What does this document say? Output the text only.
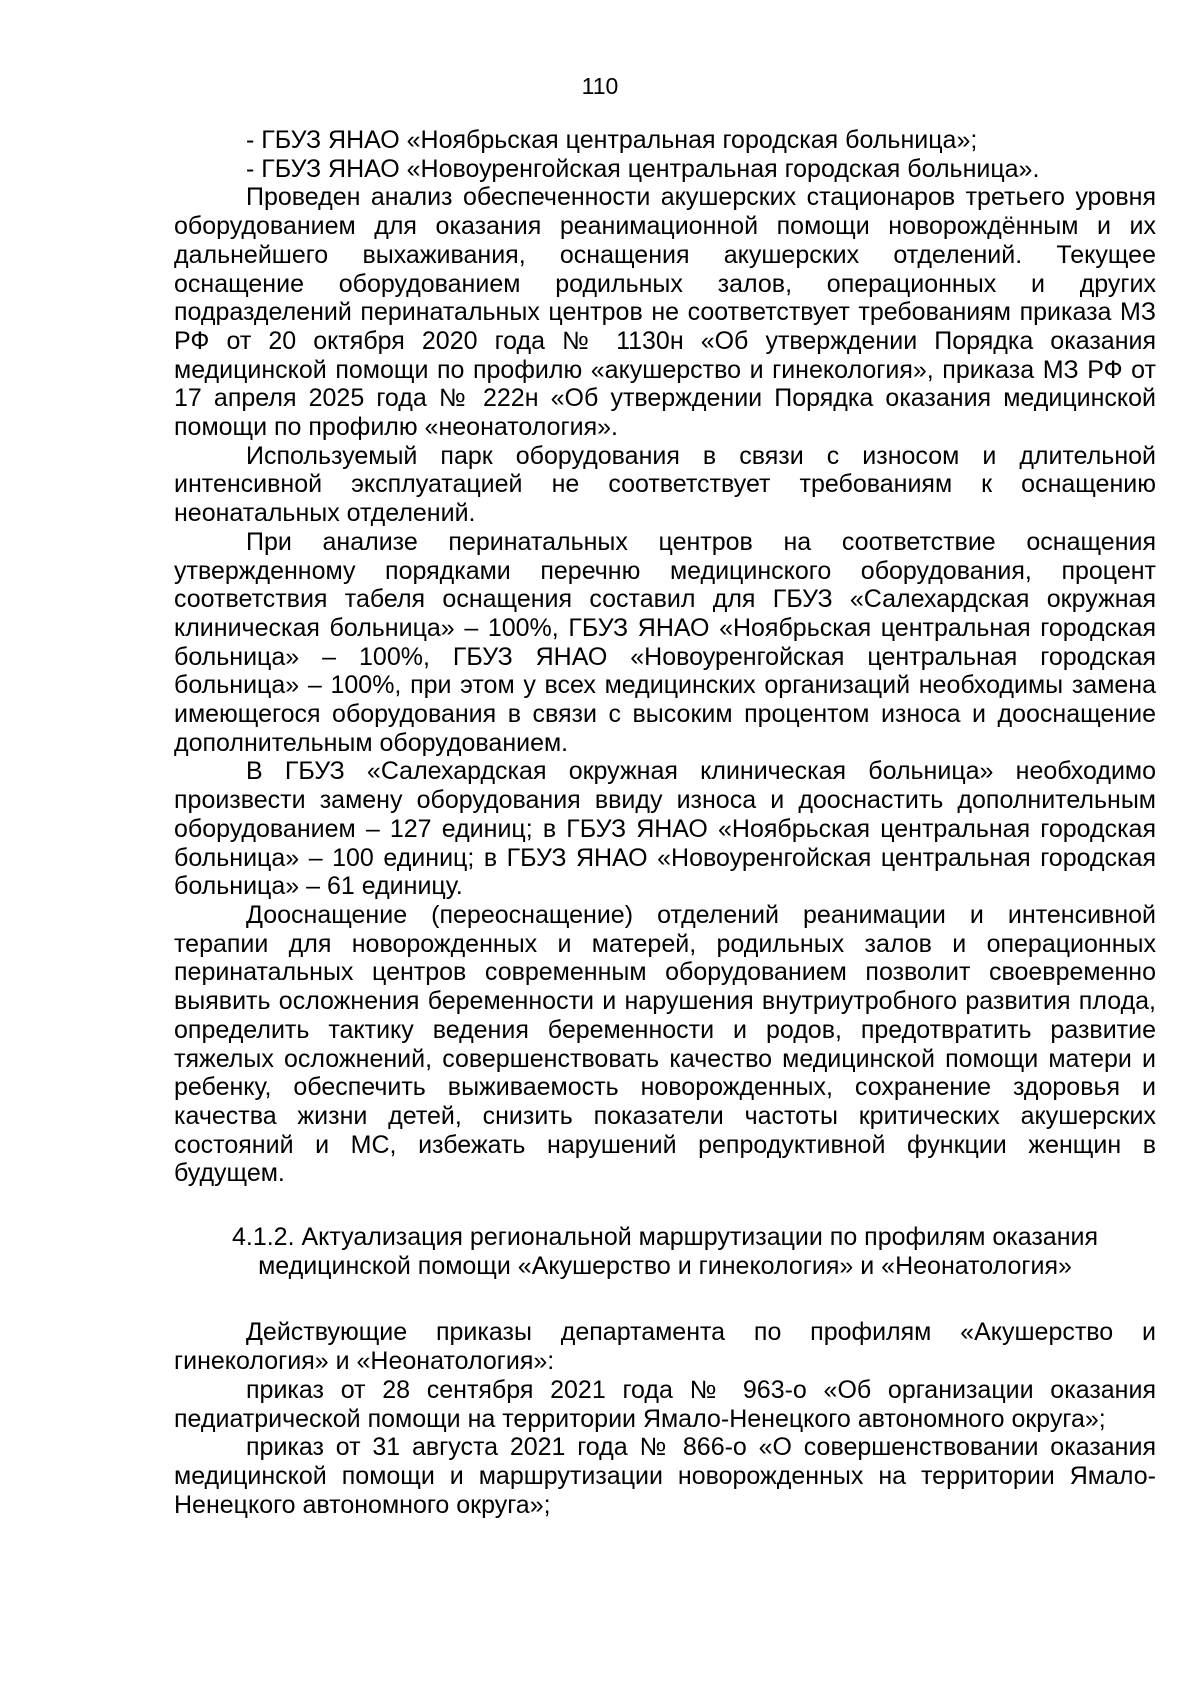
110

- ГБУЗ ЯНАО «Ноябрьская центральная городская больница»;

- ГБУЗ ЯНАО «Новоуренгойская центральная городская больница».

Проведен анализ обеспеченности акушерских стационаров третьего уровня оборудованием для оказания реанимационной помощи новорождённым и их дальнейшего выхаживания, оснащения акушерских отделений. Текущее оснащение оборудованием родильных залов, операционных и других подразделений перинатальных центров не соответствует требованиям приказа МЗ РФ от 20 октября 2020 года № 1130н «Об утверждении Порядка оказания медицинской помощи по профилю «акушерство и гинекология», приказа МЗ РФ от 17 апреля 2025 года № 222н «Об утверждении Порядка оказания медицинской помощи по профилю «неонатология».

Используемый парк оборудования в связи с износом и длительной интенсивной эксплуатацией не соответствует требованиям к оснащению неонатальных отделений.

При анализе перинатальных центров на соответствие оснащения утвержденному порядками перечню медицинского оборудования, процент соответствия табеля оснащения составил для ГБУЗ «Салехардская окружная клиническая больница» – 100%, ГБУЗ ЯНАО «Ноябрьская центральная городская больница» – 100%, ГБУЗ ЯНАО «Новоуренгойская центральная городская больница» – 100%, при этом у всех медицинских организаций необходимы замена имеющегося оборудования в связи с высоким процентом износа и дооснащение дополнительным оборудованием.

В ГБУЗ «Салехардская окружная клиническая больница» необходимо произвести замену оборудования ввиду износа и дооснастить дополнительным оборудованием – 127 единиц; в ГБУЗ ЯНАО «Ноябрьская центральная городская больница» – 100 единиц; в ГБУЗ ЯНАО «Новоуренгойская центральная городская больница» – 61 единицу.

Дооснащение (переоснащение) отделений реанимации и интенсивной терапии для новорожденных и матерей, родильных залов и операционных перинатальных центров современным оборудованием позволит своевременно выявить осложнения беременности и нарушения внутриутробного развития плода, определить тактику ведения беременности и родов, предотвратить развитие тяжелых осложнений, совершенствовать качество медицинской помощи матери и ребенку, обеспечить выживаемость новорожденных, сохранение здоровья и качества жизни детей, снизить показатели частоты критических акушерских состояний и МС, избежать нарушений репродуктивной функции женщин в будущем.

4.1.2. Актуализация региональной маршрутизации по профилям оказания
медицинской помощи «Акушерство и гинекология» и «Неонатология»

Действующие приказы департамента по профилям «Акушерство и гинекология» и «Неонатология»:

приказ от 28 сентября 2021 года № 963-о «Об организации оказания педиатрической помощи на территории Ямало-Ненецкого автономного округа»;

приказ от 31 августа 2021 года № 866-о «О совершенствовании оказания медицинской помощи и маршрутизации новорожденных на территории Ямало-Ненецкого автономного округа»;
